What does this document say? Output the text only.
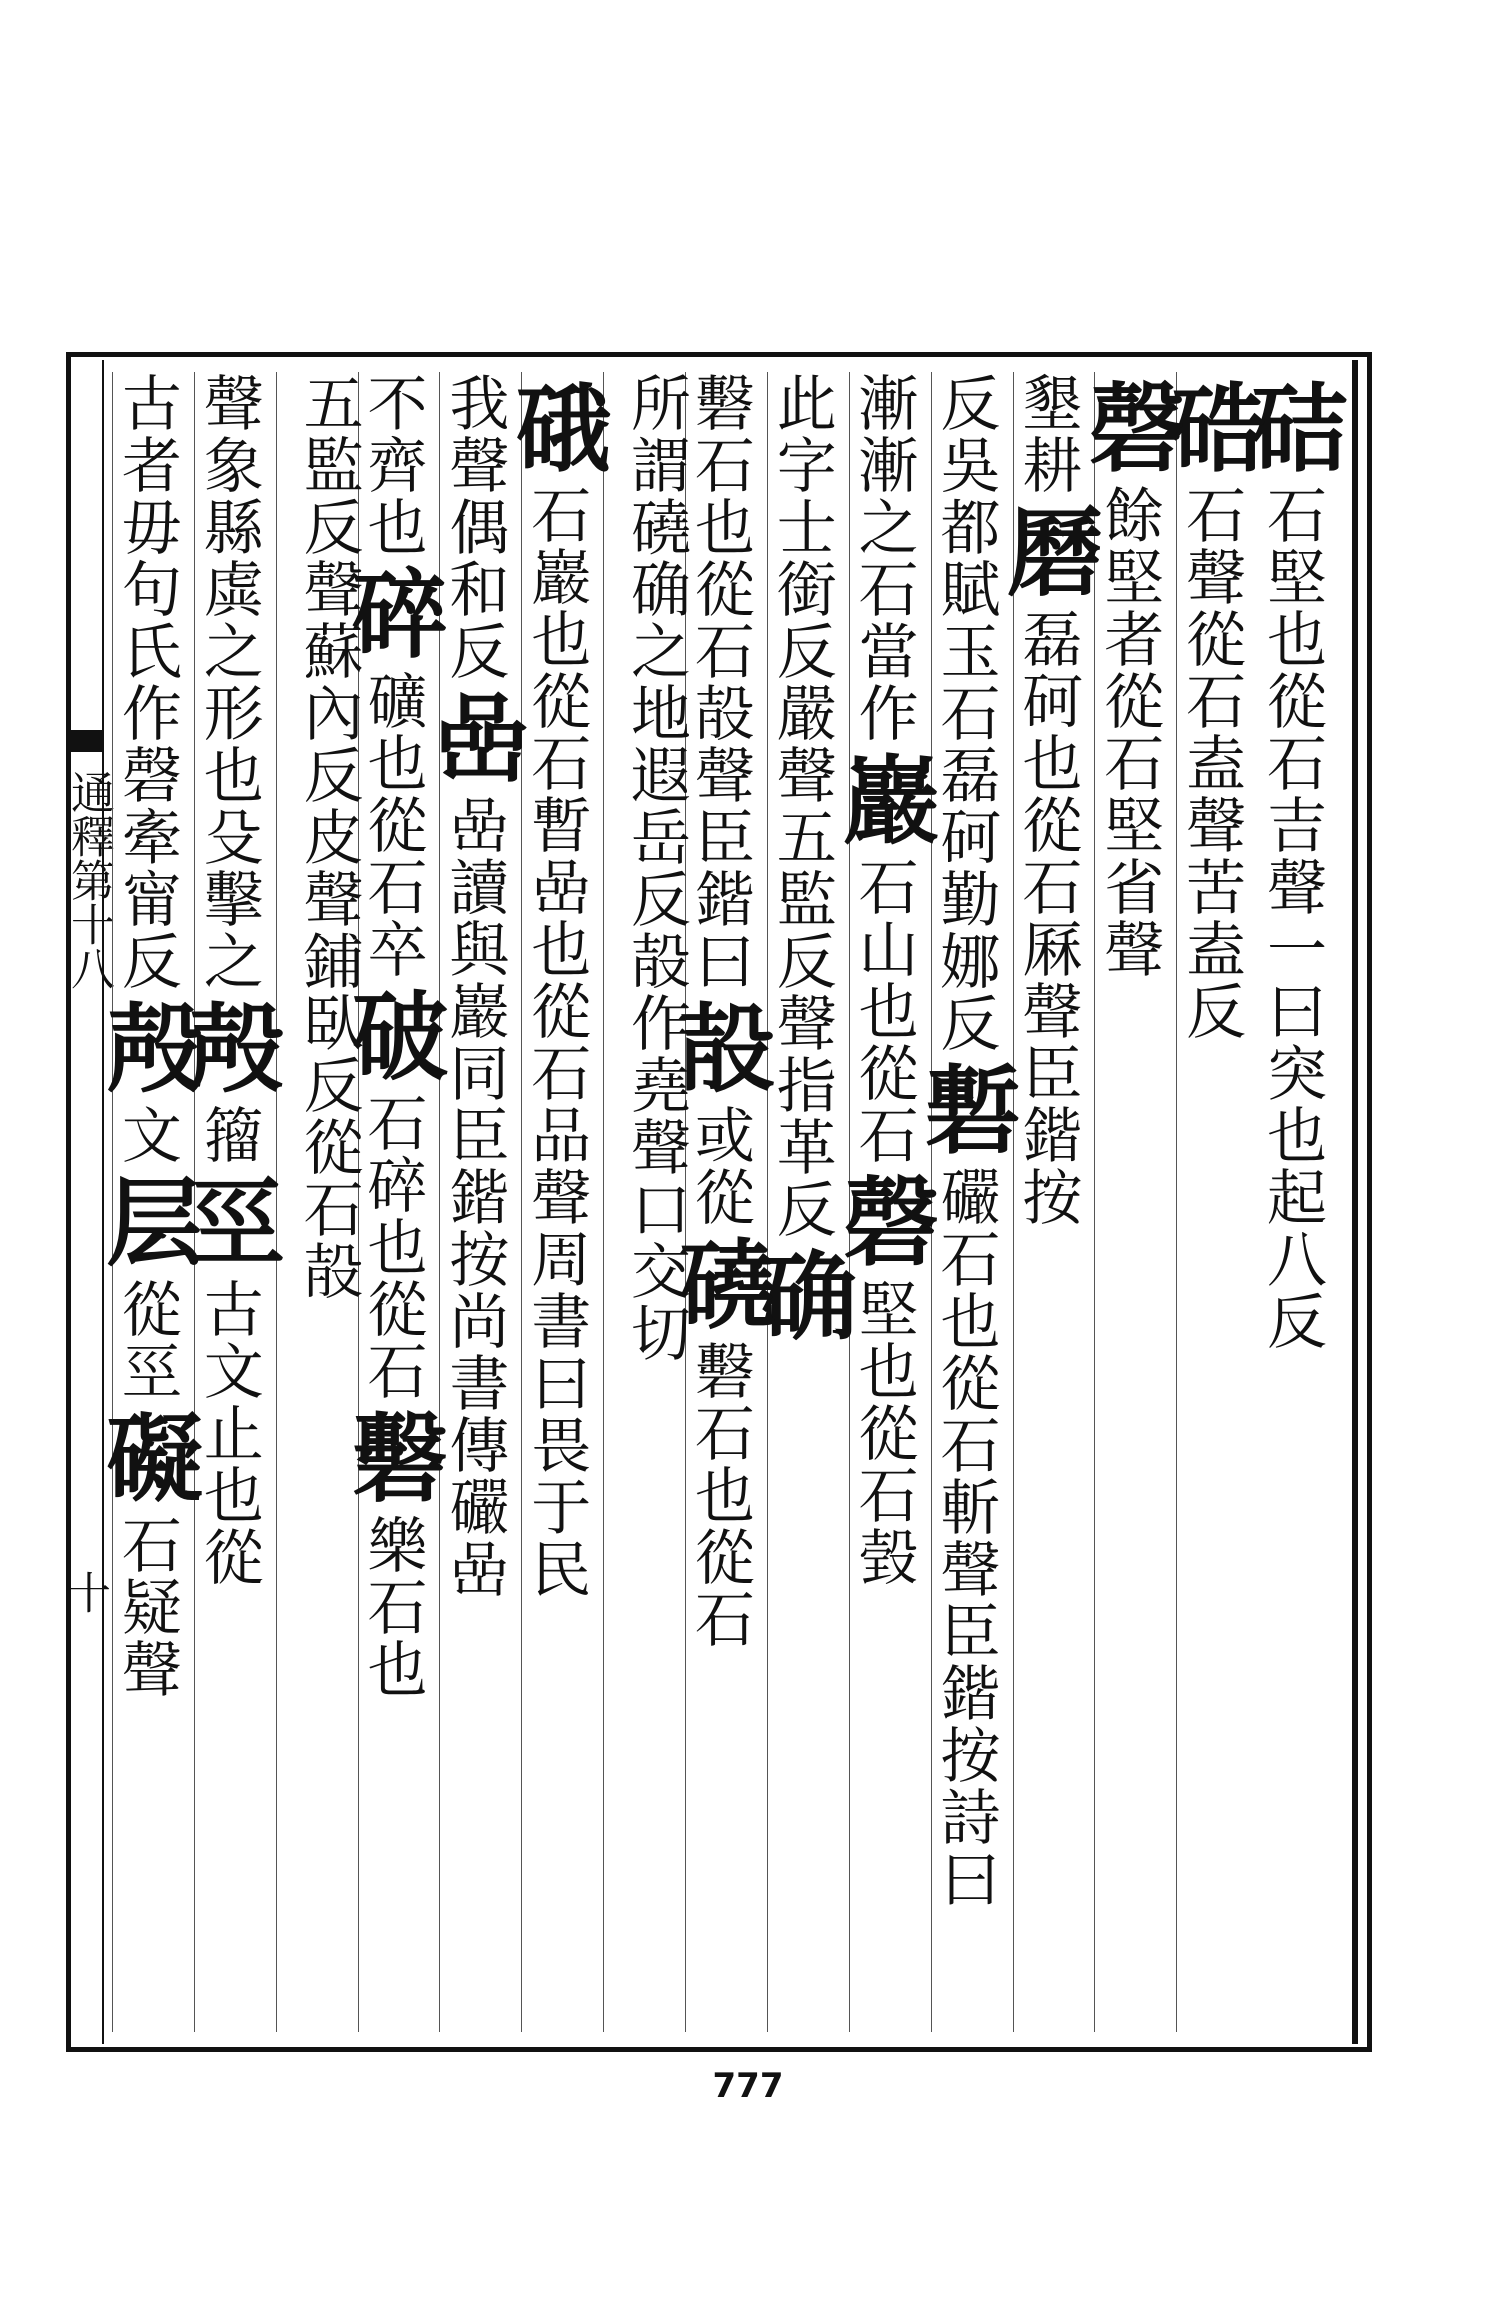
通釋第十八
十
硈石堅也從石吉聲一曰突也起八反
硞石聲從石盍聲苦盍反
磬餘堅者從石堅省聲
墾耕磿磊砢也從石厤聲臣鍇按
反吳都賦玉石磊砢勤娜反磛礹石也從石斬聲臣鍇按詩曰
漸漸之石當作巖石山也從石磬堅也從石㲄
此字士銜反嚴聲五監反聲指革反确
礊石也從石㱿聲臣鍇曰㱿或從磽礊石也從石
所謂磽确之地遐岳反㱿作堯聲口交切
硪石巖也從石暫嵒也從石品聲周書曰畏于民
我聲偶和反嵒嵒讀與巖同臣鍇按尚書傳礹嵒
不齊也碎礦也從石卒破石碎也從石礊樂石也
五監反聲蘇內反皮聲鋪臥反從石㱿
聲象縣虡之形也殳擊之殸籀巠古文止也從
古者毋句氏作磬牽甯反殸文层從巠礙石疑聲
777
